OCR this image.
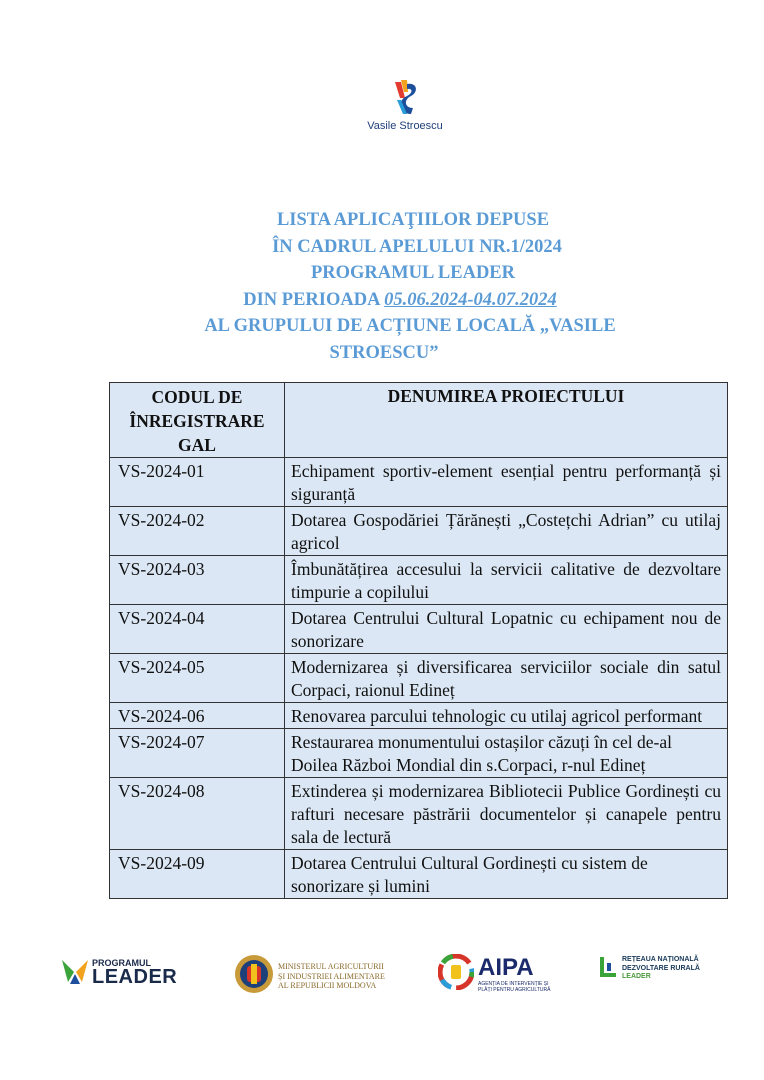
Vasile Stroescu
LISTA APLICAŢIILOR DEPUSE
ÎN CADRUL APELULUI NR.1/2024
PROGRAMUL LEADER
DIN PERIOADA 05.06.2024-04.07.2024
AL GRUPULUI DE ACȚIUNE LOCALĂ „VASILE
STROESCU”
CODUL DE ÎNREGISTRARE GAL	DENUMIREA PROIECTULUI
VS-2024-01	Echipament sportiv-element esențial pentru performanță și siguranță
VS-2024-02	Dotarea Gospodăriei Țărănești „Costețchi Adrian” cu utilaj agricol
VS-2024-03	Îmbunătățirea accesului la servicii calitative de dezvoltare timpurie a copilului
VS-2024-04	Dotarea Centrului Cultural Lopatnic cu echipament nou de sonorizare
VS-2024-05	Modernizarea și diversificarea serviciilor sociale din satul Corpaci, raionul Edineț
VS-2024-06	Renovarea parcului tehnologic cu utilaj agricol performant
VS-2024-07	Restaurarea monumentului ostașilor căzuți în cel de-al Doilea Război Mondial din s.Corpaci, r-nul Edineț
VS-2024-08	Extinderea și modernizarea Bibliotecii Publice Gordinești cu rafturi necesare păstrării documentelor și canapele pentru sala de lectură
VS-2024-09	Dotarea Centrului Cultural Gordinești cu sistem de sonorizare și lumini
PROGRAMUL
LEADER	MINISTERUL AGRICULTURII
ȘI INDUSTRIEI ALIMENTARE
AL REPUBLICII MOLDOVA
AIPA
AGENȚIA DE INTERVENȚIE ȘI
PLĂȚI PENTRU AGRICULTURĂ
REȚEAUA NAȚIONALĂ
DEZVOLTARE RURALĂ
LEADER
